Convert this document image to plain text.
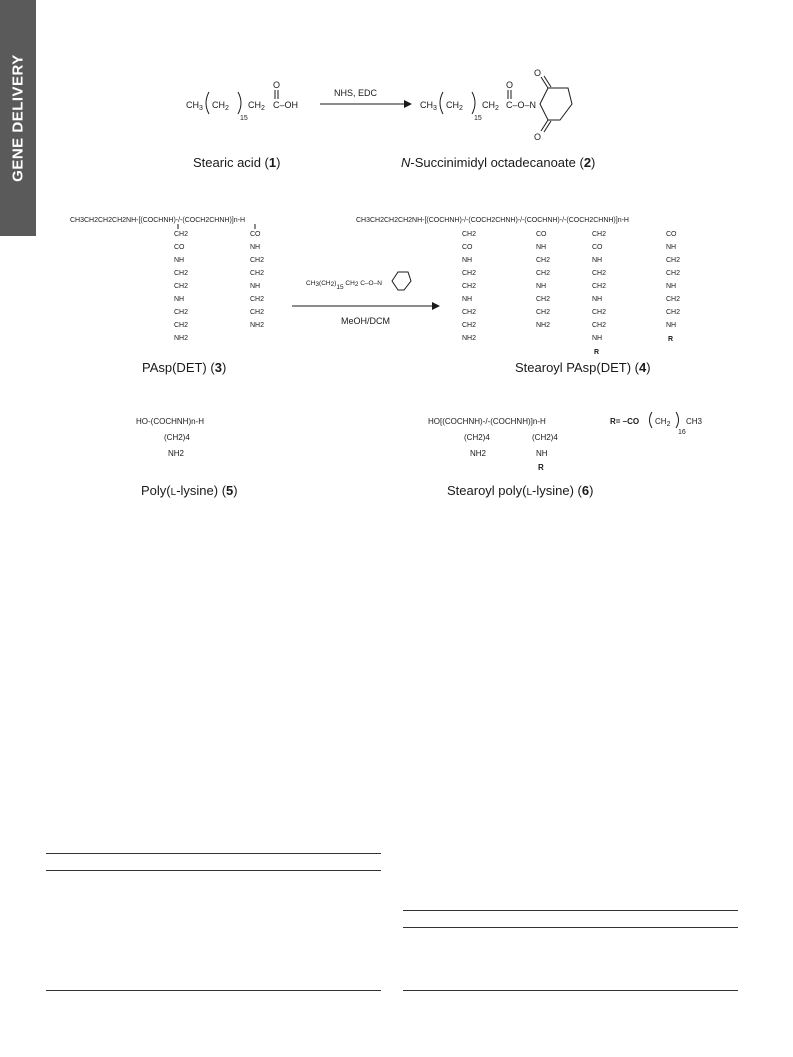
GENE DELIVERY	$CH_3$ $CH_2$
15
$CH_2$ C–OH
O
NHS, EDC
$CH_3$ $CH_2$
15
$CH_2$ C–O–N
O
O
O
Stearic acid (1)	N-Succinimidyl octadecanoate (2)
CH3CH2CH2CH2NH-[(COCHNH)-/-(COCH2CHNH)]n-H
CH2
CO
NH
CH2
CH2
NH
CH2
CH2
NH2
CO
NH
CH2
CH2
NH
CH2
CH2
NH2
CH3(CH2)15 CH2 C–O–N
MeOH/DCM
CH3CH2CH2CH2NH-[(COCHNH)-/-(COCH2CHNH)-/-(COCHNH)-/-(COCH2CHNH)]n-H
CH2
CO
NH
CH2
CH2
NH
CH2
CH2
NH2
CO
NH
CH2
CH2
NH
CH2
CH2
NH2
CH2
CO
NH
CH2
CH2
NH
CH2
CH2
NH
R
CO
NH
CH2
CH2
NH
CH2
CH2
NH
R
PAsp(DET) (3)	Stearoyl PAsp(DET) (4)
HO-(COCHNH)n-H
(CH2)4
NH2
HO[(COCHNH)-/-(COCHNH)]n-H
(CH2)4
NH2
(CH2)4
NH
R
R= –CO CH2
16
CH3
Poly(L-lysine) (5)	Stearoyl poly(L-lysine) (6)
